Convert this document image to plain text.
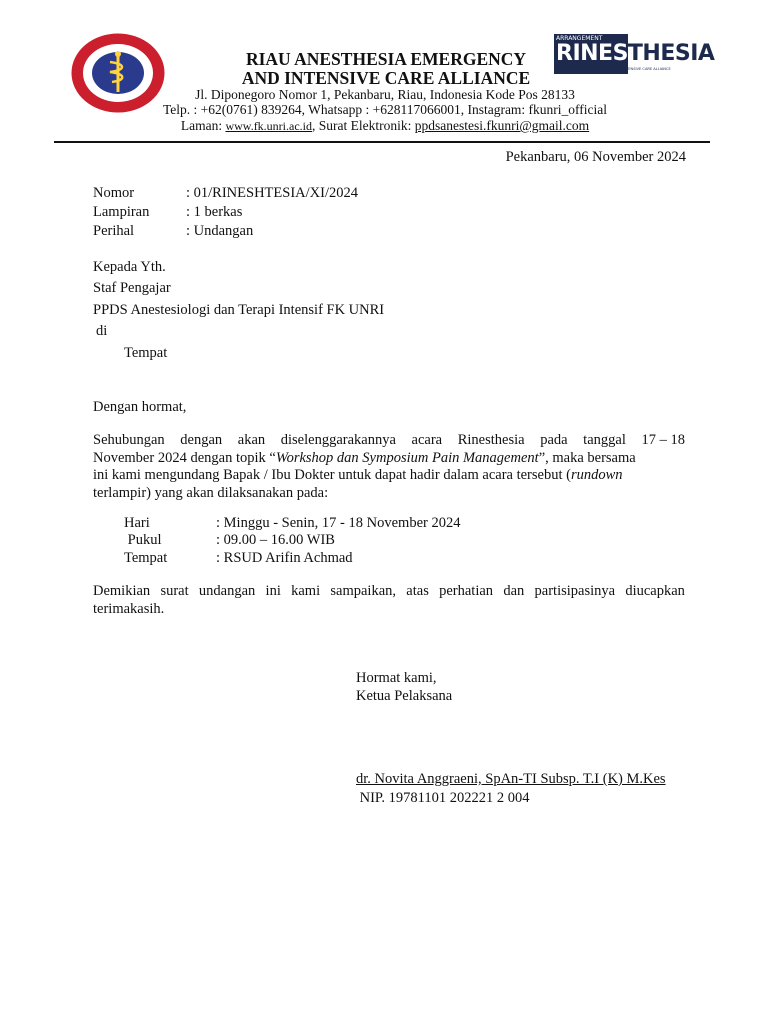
RIAU ANESTHESIA EMERGENCY
AND INTENSIVE CARE ALLIANCE
ARRANGEMENT
RINESTHESIA
RIAU ANESTHESIA EMERGENCY AND INTENSIVE CARE ALLIANCE
Jl. Diponegoro Nomor 1, Pekanbaru, Riau, Indonesia Kode Pos 28133
Telp. : +62(0761) 839264, Whatsapp : +628117066001, Instagram: fkunri_official
Laman: www.fk.unri.ac.id, Surat Elektronik: ppdsanestesi.fkunri@gmail.com
Pekanbaru, 06 November 2024
Nomor	: 01/RINESHTESIA/XI/2024
Lampiran	: 1 berkas
Perihal	: Undangan
Kepada Yth.
Staf Pengajar
PPDS Anestesiologi dan Terapi Intensif FK UNRI
di
Tempat
Dengan hormat,
Sehubungan dengan akan diselenggarakannya acara Rinesthesia pada tanggal 17 – 18
November 2024 dengan topik “Workshop dan Symposium Pain Management”, maka bersama
ini kami mengundang Bapak / Ibu Dokter untuk dapat hadir dalam acara tersebut (rundown
terlampir) yang akan dilaksanakan pada:
Hari	: Minggu - Senin, 17 - 18 November 2024
Pukul	: 09.00 – 16.00 WIB
Tempat	: RSUD Arifin Achmad
Demikian surat undangan ini kami sampaikan, atas perhatian dan partisipasinya diucapkan
terimakasih.
Hormat kami,
Ketua Pelaksana
dr. Novita Anggraeni, SpAn-TI Subsp. T.I (K) M.Kes
NIP. 19781101 202221 2 004
